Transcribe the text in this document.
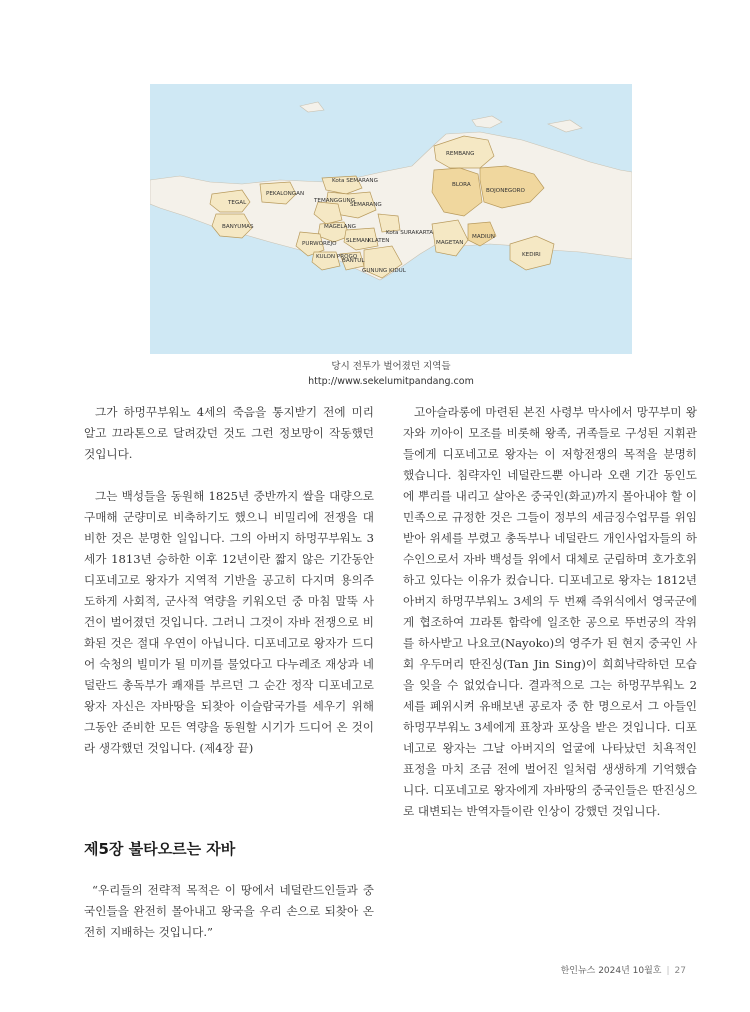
REMBANG
BLORA
BOJONEGORO
MAGETAN
MADIUN
KEDIRI
TEGAL
PEKALONGAN
Kota SEMARANG
SEMARANG
TEMANGGUNG
BANYUMAS	MAGELANG
Kota SURAKARTA
PURWOREJO SLEMAN
KLATEN
KULON PROGO
BANTUL
GUNUNG KIDUL
당시 전투가 벌어졌던 지역들
http://www.sekelumitpandang.com

그가 하멍꾸부워노 4세의 죽음을 통지받기 전에 미리 알고 끄라톤으로 달려갔던 것도 그런 정보망이 작동했던 것입니다.

그는 백성들을 동원해 1825년 중반까지 쌀을 대량으로 구매해 군량미로 비축하기도 했으니 비밀리에 전쟁을 대비한 것은 분명한 일입니다. 그의 아버지 하멍꾸부워노 3세가 1813년 승하한 이후 12년이란 짧지 않은 기간동안 디포네고로 왕자가 지역적 기반을 공고히 다지며 용의주도하게 사회적, 군사적 역량을 키워오던 중 마침 말뚝 사건이 벌어졌던 것입니다. 그러니 그것이 자바 전쟁으로 비화된 것은 절대 우연이 아닙니다. 디포네고로 왕자가 드디어 숙청의 빌미가 될 미끼를 물었다고 다누레조 재상과 네덜란드 총독부가 쾌재를 부르던 그 순간 정작 디포네고로 왕자 자신은 자바땅을 되찾아 이슬람국가를 세우기 위해 그동안 준비한 모든 역량을 동원할 시기가 드디어 온 것이라 생각했던 것입니다. (제4장 끝)

제5장 불타오르는 자바

“우리들의 전략적 목적은 이 땅에서 네덜란드인들과 중국인들을 완전히 몰아내고 왕국을 우리 손으로 되찾아 온전히 지배하는 것입니다.”

고아슬라롱에 마련된 본진 사령부 막사에서 망꾸부미 왕자와 끼아이 모조를 비롯해 왕족, 귀족들로 구성된 지휘관들에게 디포네고로 왕자는 이 저항전쟁의 목적을 분명히 했습니다. 침략자인 네덜란드뿐 아니라 오랜 기간 동인도에 뿌리를 내리고 살아온 중국인(화교)까지 몰아내야 할 이민족으로 규정한 것은 그들이 정부의 세금징수업무를 위임받아 위세를 부렸고 총독부나 네덜란드 개인사업자들의 하수인으로서 자바 백성들 위에서 대체로 군림하며 호가호위하고 있다는 이유가 컸습니다. 디포네고로 왕자는 1812년 아버지 하멍꾸부워노 3세의 두 번째 즉위식에서 영국군에게 협조하여 끄라톤 함락에 일조한 공으로 뚜번궁의 작위를 하사받고 나요코(Nayoko)의 영주가 된 현지 중국인 사회 우두머리 딴진싱(Tan Jin Sing)이 희희낙락하던 모습을 잊을 수 없었습니다. 결과적으로 그는 하멍꾸부워노 2세를 폐위시켜 유배보낸 공로자 중 한 명으로서 그 아들인 하멍꾸부워노 3세에게 표창과 포상을 받은 것입니다. 디포네고로 왕자는 그날 아버지의 얼굴에 나타났던 치욕적인 표정을 마치 조금 전에 벌어진 일처럼 생생하게 기억했습니다. 디포네고로 왕자에게 자바땅의 중국인들은 딴진싱으로 대변되는 반역자들이란 인상이 강했던 것입니다.

한인뉴스 2024년 10월호 | 27
